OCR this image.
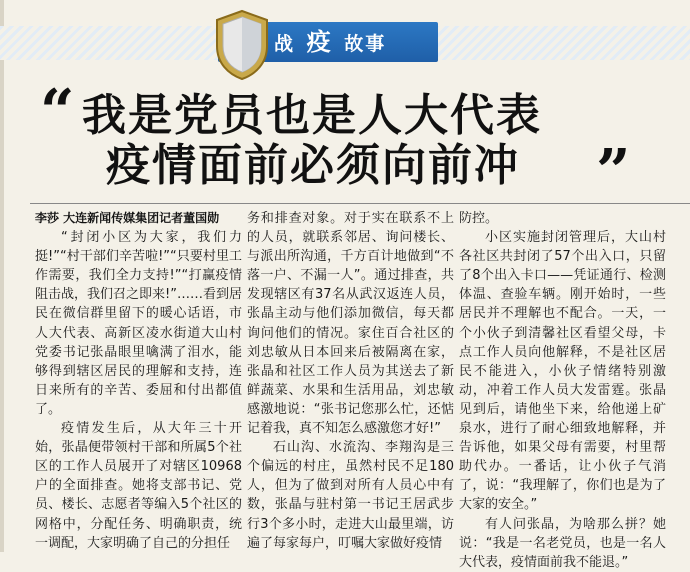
战 疫 故事
“ 我是党员也是人大代表
疫情面前必须向前冲 ”

李莎 大连新闻传媒集团记者董国勋

“封闭小区为大家，我们力挺!”“村干部们辛苦啦!”“只要村里工作需要，我们全力支持!”“打赢疫情阻击战，我们召之即来!”……看到居民在微信群里留下的暖心话语，市人大代表、高新区凌水街道大山村党委书记张晶眼里噙满了泪水，能够得到辖区居民的理解和支持，连日来所有的辛苦、委屈和付出都值了。

疫情发生后，从大年三十开始，张晶便带领村干部和所属5个社区的工作人员展开了对辖区10968户的全面排查。她将支部书记、党员、楼长、志愿者等编入5个社区的网格中，分配任务、明确职责，统一调配，大家明确了自己的分担任

务和排查对象。对于实在联系不上的人员，就联系邻居、询问楼长、与派出所沟通，千方百计地做到“不落一户、不漏一人”。通过排查，共发现辖区有37名从武汉返连人员，张晶主动与他们添加微信，每天都询问他们的情况。家住百合社区的刘忠敏从日本回来后被隔离在家，张晶和社区工作人员为其送去了新鲜蔬菜、水果和生活用品，刘忠敏感激地说：“张书记您那么忙，还惦记着我，真不知怎么感激您才好!”

石山沟、水流沟、李翔沟是三个偏远的村庄，虽然村民不足180人，但为了做到对所有人员心中有数，张晶与驻村第一书记王居武步行3个多小时，走进大山最里端，访遍了每家每户，叮嘱大家做好疫情

防控。

小区实施封闭管理后，大山村各社区共封闭了57个出入口，只留了8个出入卡口——凭证通行、检测体温、查验车辆。刚开始时，一些居民并不理解也不配合。一天，一个小伙子到清馨社区看望父母，卡点工作人员向他解释，不是社区居民不能进入，小伙子情绪特别激动，冲着工作人员大发雷霆。张晶见到后，请他坐下来，给他递上矿泉水，进行了耐心细致地解释，并告诉他，如果父母有需要，村里帮助代办。一番话，让小伙子气消了，说：“我理解了，你们也是为了大家的安全。”

有人问张晶，为啥那么拼？她说：“我是一名老党员，也是一名人大代表，疫情面前我不能退。”
